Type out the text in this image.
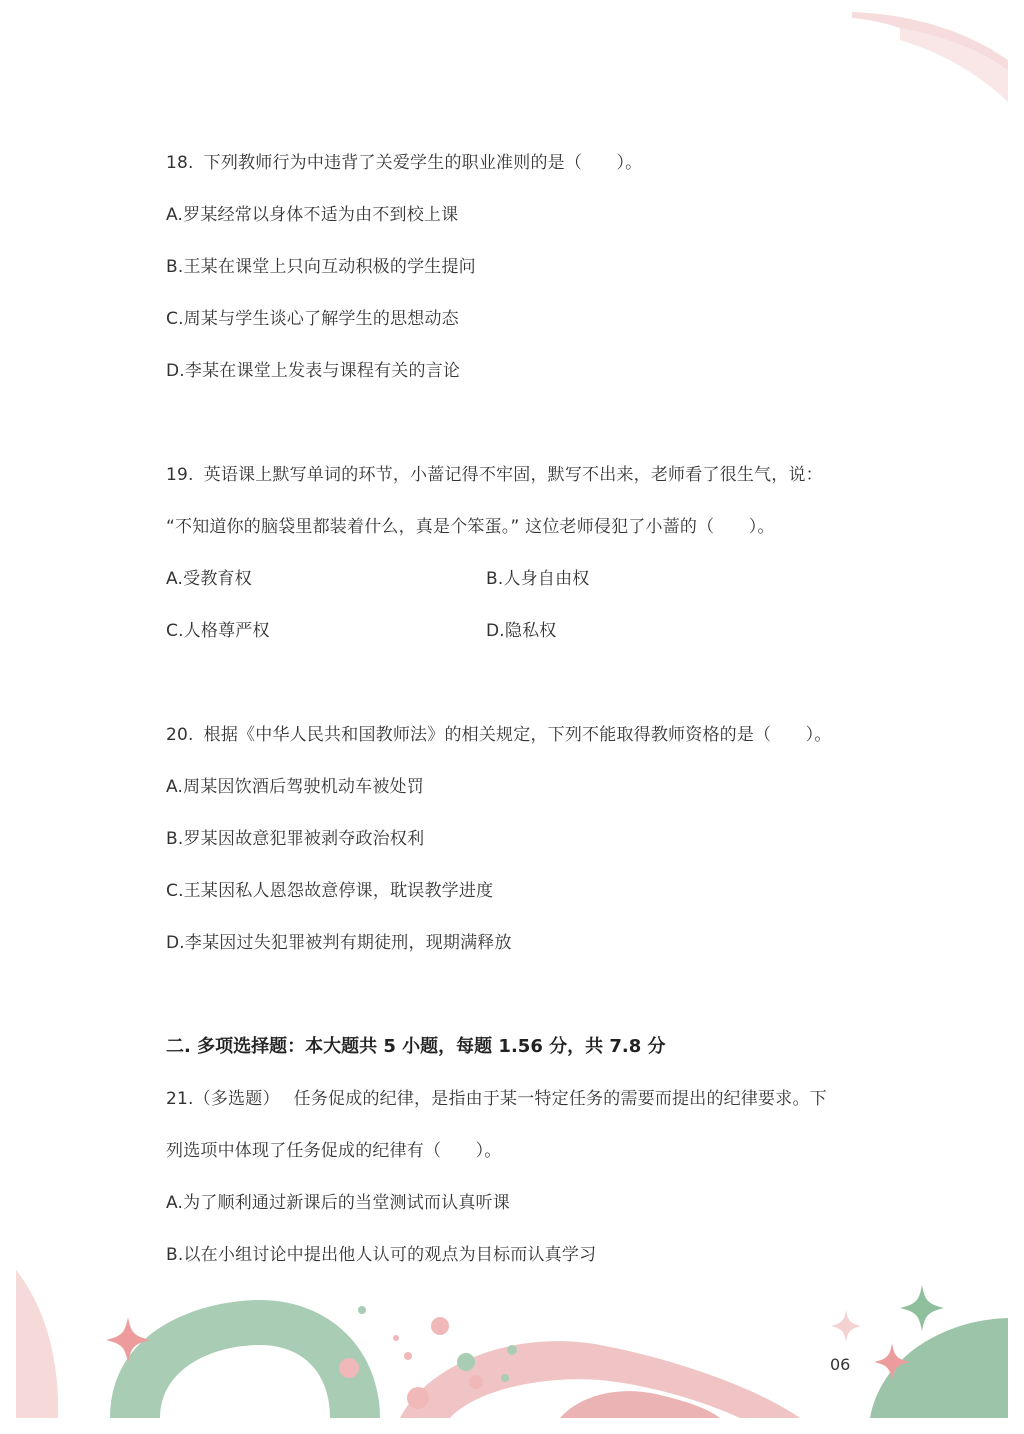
18. 下列教师行为中违背了关爱学生的职业准则的是（　　）。

A.罗某经常以身体不适为由不到校上课

B.王某在课堂上只向互动积极的学生提问

C.周某与学生谈心了解学生的思想动态

D.李某在课堂上发表与课程有关的言论

19. 英语课上默写单词的环节，小蔷记得不牢固，默写不出来，老师看了很生气，说：

“不知道你的脑袋里都装着什么，真是个笨蛋。” 这位老师侵犯了小蔷的（　　）。

A.受教育权	B.人身自由权

C.人格尊严权	D.隐私权

20. 根据《中华人民共和国教师法》的相关规定，下列不能取得教师资格的是（　　）。

A.周某因饮酒后驾驶机动车被处罚

B.罗某因故意犯罪被剥夺政治权利

C.王某因私人恩怨故意停课，耽误教学进度

D.李某因过失犯罪被判有期徒刑，现期满释放

二. 多项选择题：本大题共 5 小题，每题 1.56 分，共 7.8 分

21.（多选题） 任务促成的纪律，是指由于某一特定任务的需要而提出的纪律要求。下

列选项中体现了任务促成的纪律有（　　）。

A.为了顺利通过新课后的当堂测试而认真听课

B.以在小组讨论中提出他人认可的观点为目标而认真学习

06
